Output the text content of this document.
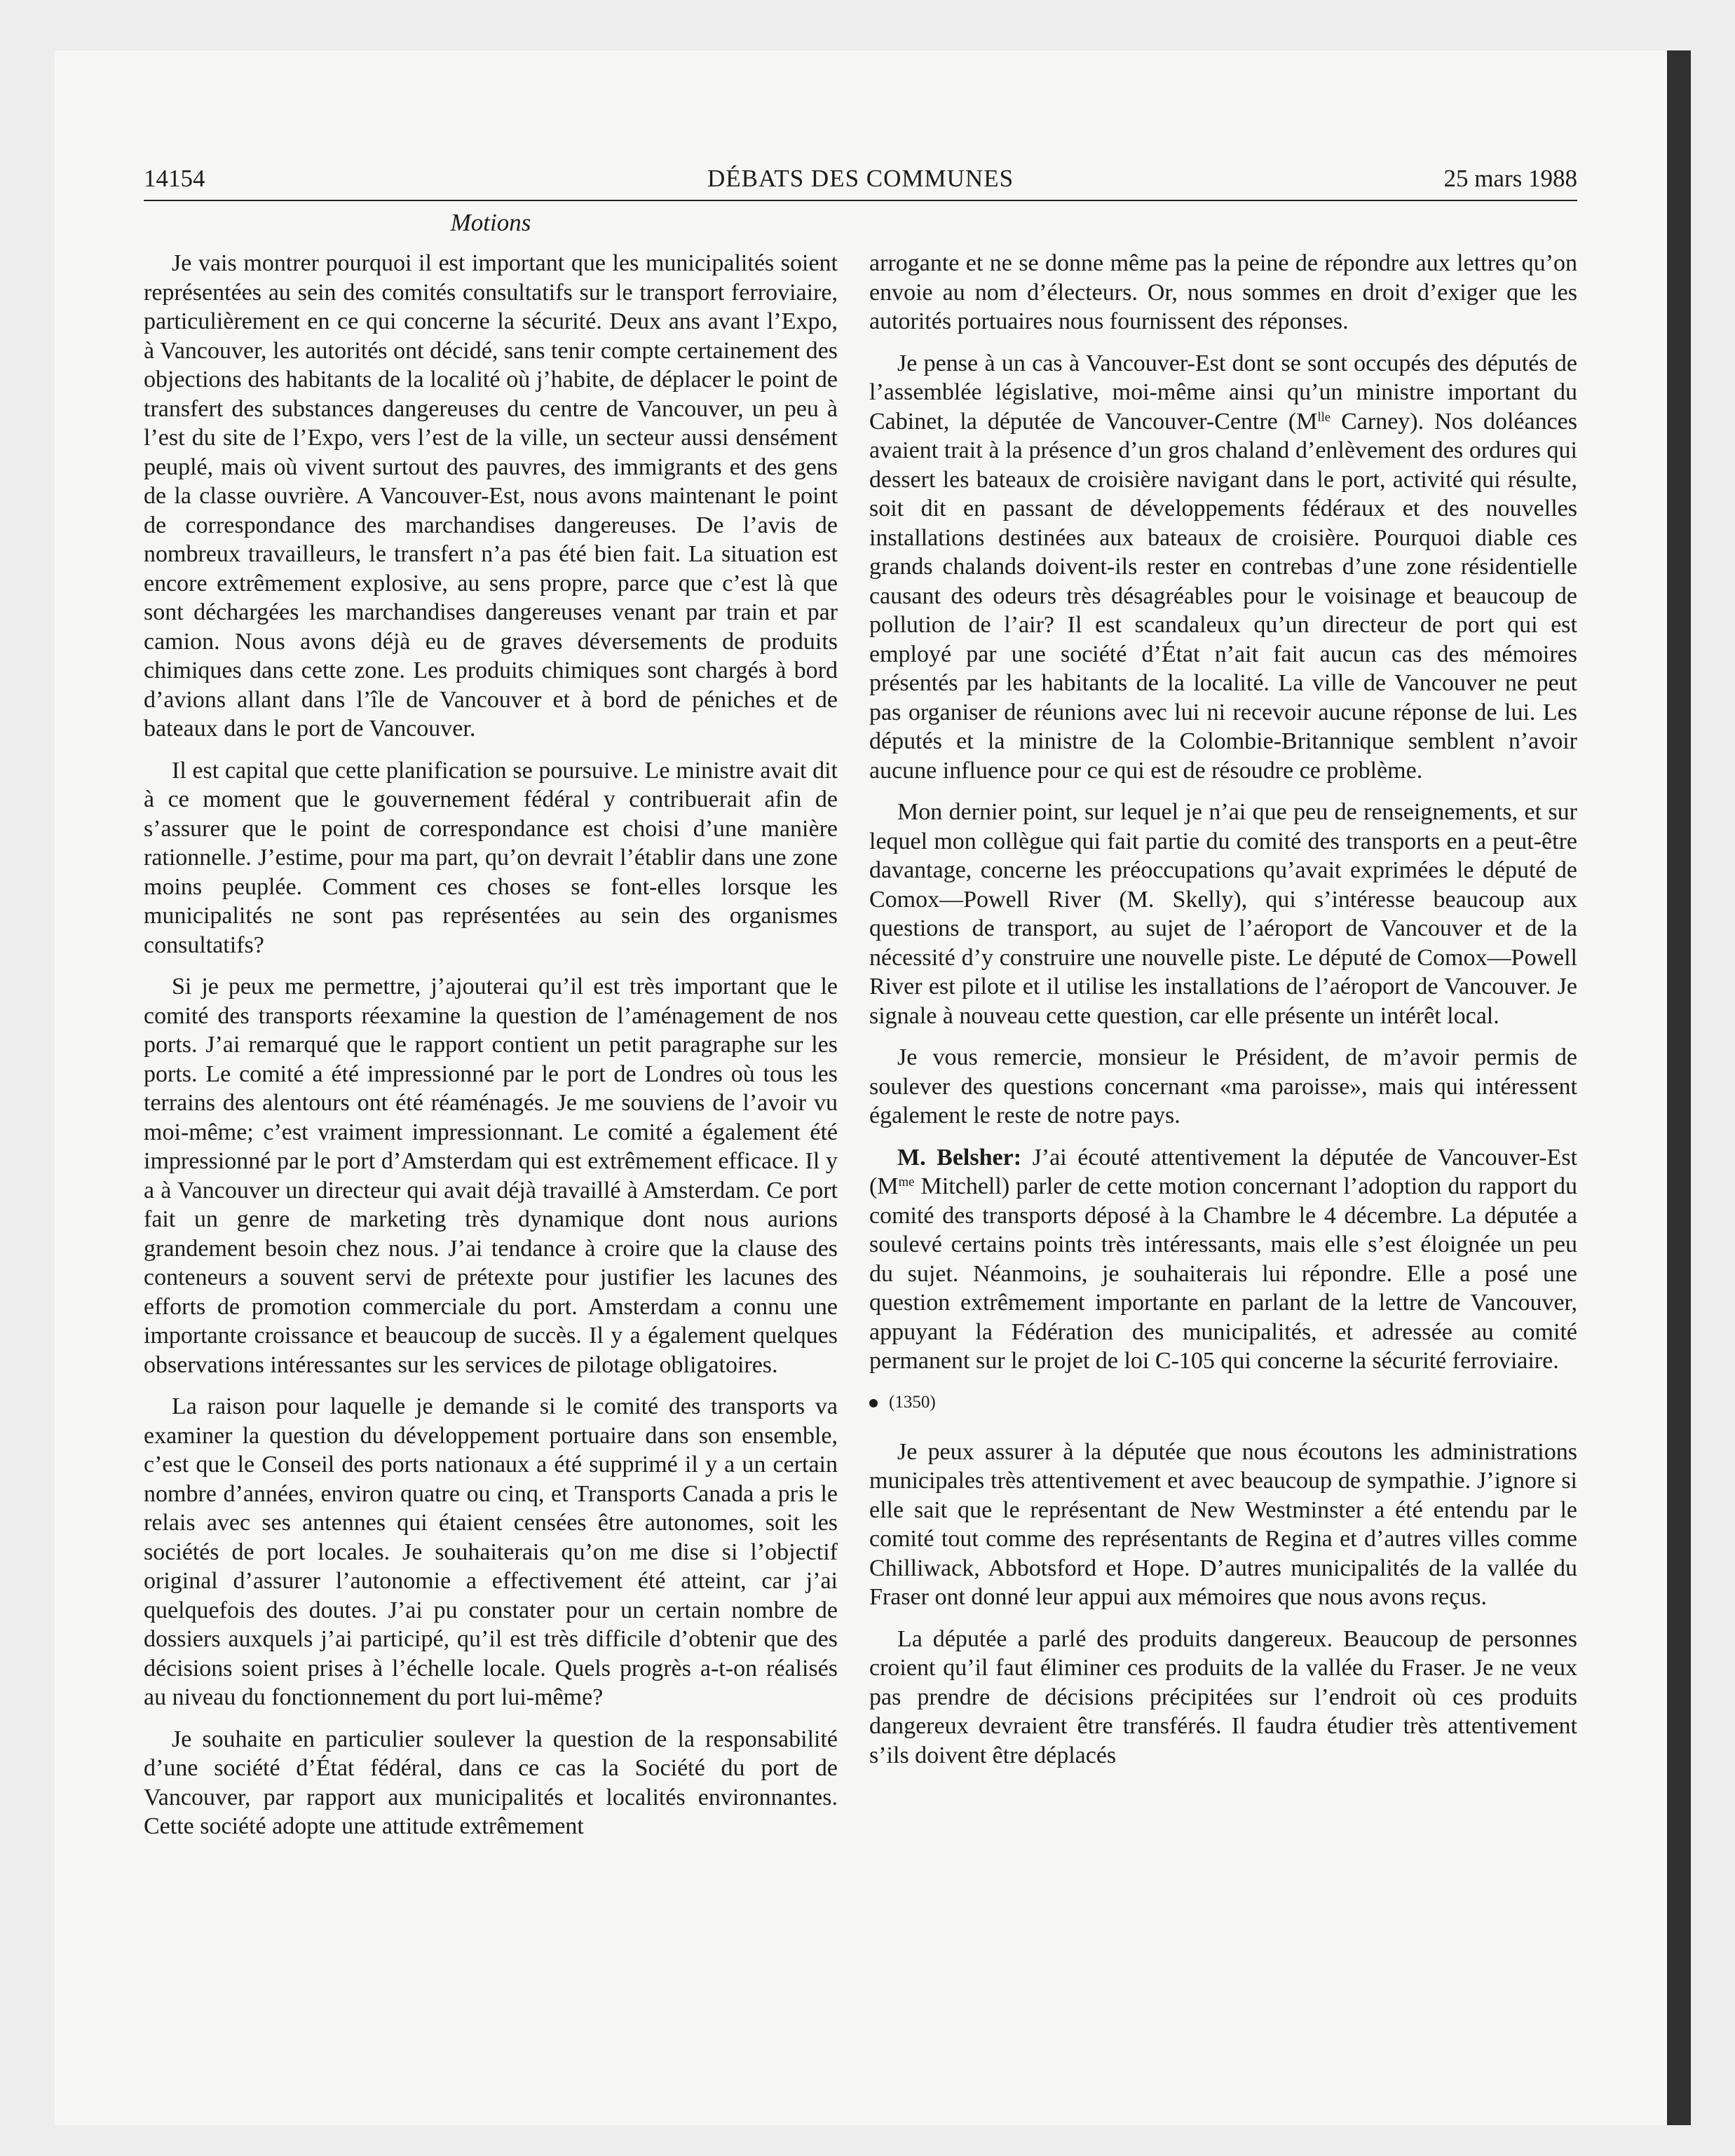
14154	DÉBATS DES COMMUNES	25 mars 1988
Motions

Je vais montrer pourquoi il est important que les municipalités soient représentées au sein des comités consultatifs sur le transport ferroviaire, particulièrement en ce qui concerne la sécurité. Deux ans avant l’Expo, à Vancouver, les autorités ont décidé, sans tenir compte certainement des objections des habitants de la localité où j’habite, de déplacer le point de transfert des substances dangereuses du centre de Vancouver, un peu à l’est du site de l’Expo, vers l’est de la ville, un secteur aussi densément peuplé, mais où vivent surtout des pauvres, des immigrants et des gens de la classe ouvrière. A Vancouver-Est, nous avons maintenant le point de correspondance des marchandises dangereuses. De l’avis de nombreux travailleurs, le transfert n’a pas été bien fait. La situation est encore extrêmement explosive, au sens propre, parce que c’est là que sont déchargées les marchandises dangereuses venant par train et par camion. Nous avons déjà eu de graves déversements de produits chimiques dans cette zone. Les produits chimiques sont chargés à bord d’avions allant dans l’île de Vancouver et à bord de péniches et de bateaux dans le port de Vancouver.

Il est capital que cette planification se poursuive. Le ministre avait dit à ce moment que le gouvernement fédéral y contribuerait afin de s’assurer que le point de correspondance est choisi d’une manière rationnelle. J’estime, pour ma part, qu’on devrait l’établir dans une zone moins peuplée. Comment ces choses se font-elles lorsque les municipalités ne sont pas représentées au sein des organismes consultatifs?

Si je peux me permettre, j’ajouterai qu’il est très important que le comité des transports réexamine la question de l’aménagement de nos ports. J’ai remarqué que le rapport contient un petit paragraphe sur les ports. Le comité a été impressionné par le port de Londres où tous les terrains des alentours ont été réaménagés. Je me souviens de l’avoir vu moi-même; c’est vraiment impressionnant. Le comité a également été impressionné par le port d’Amsterdam qui est extrêmement efficace. Il y a à Vancouver un directeur qui avait déjà travaillé à Amsterdam. Ce port fait un genre de marketing très dynamique dont nous aurions grandement besoin chez nous. J’ai tendance à croire que la clause des conteneurs a souvent servi de prétexte pour justifier les lacunes des efforts de promotion commerciale du port. Amsterdam a connu une importante croissance et beaucoup de succès. Il y a également quelques observations intéressantes sur les services de pilotage obligatoires.

La raison pour laquelle je demande si le comité des transports va examiner la question du développement portuaire dans son ensemble, c’est que le Conseil des ports nationaux a été supprimé il y a un certain nombre d’années, environ quatre ou cinq, et Transports Canada a pris le relais avec ses antennes qui étaient censées être autonomes, soit les sociétés de port locales. Je souhaiterais qu’on me dise si l’objectif original d’assurer l’autonomie a effectivement été atteint, car j’ai quelquefois des doutes. J’ai pu constater pour un certain nombre de dossiers auxquels j’ai participé, qu’il est très difficile d’obtenir que des décisions soient prises à l’échelle locale. Quels progrès a-t-on réalisés au niveau du fonctionnement du port lui-même?

Je souhaite en particulier soulever la question de la responsabilité d’une société d’État fédéral, dans ce cas la Société du port de Vancouver, par rapport aux municipalités et localités environnantes. Cette société adopte une attitude extrêmement

arrogante et ne se donne même pas la peine de répondre aux lettres qu’on envoie au nom d’électeurs. Or, nous sommes en droit d’exiger que les autorités portuaires nous fournissent des réponses.

Je pense à un cas à Vancouver-Est dont se sont occupés des députés de l’assemblée législative, moi-même ainsi qu’un ministre important du Cabinet, la députée de Vancouver-Centre ($M^{lle}$ Carney). Nos doléances avaient trait à la présence d’un gros chaland d’enlèvement des ordures qui dessert les bateaux de croisière navigant dans le port, activité qui résulte, soit dit en passant de développements fédéraux et des nouvelles installations destinées aux bateaux de croisière. Pourquoi diable ces grands chalands doivent-ils rester en contrebas d’une zone résidentielle causant des odeurs très désagréables pour le voisinage et beaucoup de pollution de l’air? Il est scandaleux qu’un directeur de port qui est employé par une société d’État n’ait fait aucun cas des mémoires présentés par les habitants de la localité. La ville de Vancouver ne peut pas organiser de réunions avec lui ni recevoir aucune réponse de lui. Les députés et la ministre de la Colombie-Britannique semblent n’avoir aucune influence pour ce qui est de résoudre ce problème.

Mon dernier point, sur lequel je n’ai que peu de renseignements, et sur lequel mon collègue qui fait partie du comité des transports en a peut-être davantage, concerne les préoccupations qu’avait exprimées le député de Comox—Powell River (M. Skelly), qui s’intéresse beaucoup aux questions de transport, au sujet de l’aéroport de Vancouver et de la nécessité d’y construire une nouvelle piste. Le député de Comox—Powell River est pilote et il utilise les installations de l’aéroport de Vancouver. Je signale à nouveau cette question, car elle présente un intérêt local.

Je vous remercie, monsieur le Président, de m’avoir permis de soulever des questions concernant «ma paroisse», mais qui intéressent également le reste de notre pays.

M. Belsher: J’ai écouté attentivement la députée de Vancouver-Est ($M^{me}$ Mitchell) parler de cette motion concernant l’adoption du rapport du comité des transports déposé à la Chambre le 4 décembre. La députée a soulevé certains points très intéressants, mais elle s’est éloignée un peu du sujet. Néanmoins, je souhaiterais lui répondre. Elle a posé une question extrêmement importante en parlant de la lettre de Vancouver, appuyant la Fédération des municipalités, et adressée au comité permanent sur le projet de loi C-105 qui concerne la sécurité ferroviaire.

(1350)

Je peux assurer à la députée que nous écoutons les administrations municipales très attentivement et avec beaucoup de sympathie. J’ignore si elle sait que le représentant de New Westminster a été entendu par le comité tout comme des représentants de Regina et d’autres villes comme Chilliwack, Abbotsford et Hope. D’autres municipalités de la vallée du Fraser ont donné leur appui aux mémoires que nous avons reçus.

La députée a parlé des produits dangereux. Beaucoup de personnes croient qu’il faut éliminer ces produits de la vallée du Fraser. Je ne veux pas prendre de décisions précipitées sur l’endroit où ces produits dangereux devraient être transférés. Il faudra étudier très attentivement s’ils doivent être déplacés
